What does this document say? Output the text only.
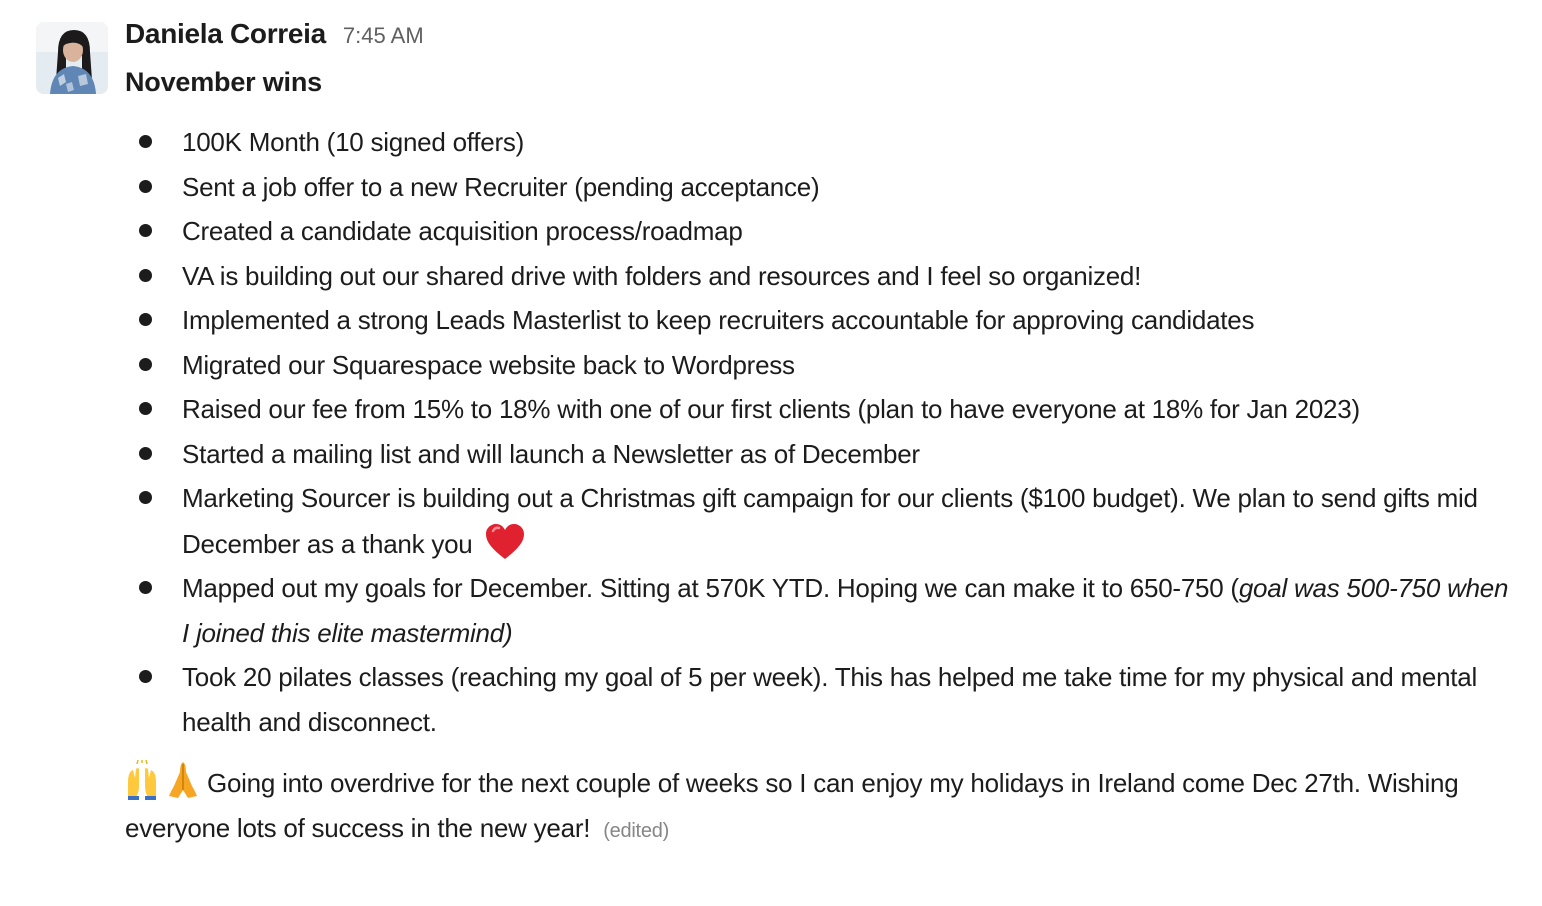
Daniela Correia 7:45 AM
November wins
100K Month (10 signed offers)
Sent a job offer to a new Recruiter (pending acceptance)
Created a candidate acquisition process/roadmap
VA is building out our shared drive with folders and resources and I feel so organized!
Implemented a strong Leads Masterlist to keep recruiters accountable for approving candidates
Migrated our Squarespace website back to Wordpress
Raised our fee from 15% to 18% with one of our first clients (plan to have everyone at 18% for Jan 2023)
Started a mailing list and will launch a Newsletter as of December
Marketing Sourcer is building out a Christmas gift campaign for our clients ($100 budget). We plan to send gifts mid December as a thank you
Mapped out my goals for December. Sitting at 570K YTD. Hoping we can make it to 650-750 (goal was 500-750 when I joined this elite mastermind)
Took 20 pilates classes (reaching my goal of 5 per week). This has helped me take time for my physical and mental health and disconnect.
Going into overdrive for the next couple of weeks so I can enjoy my holidays in Ireland come Dec 27th. Wishing everyone lots of success in the new year! (edited)
